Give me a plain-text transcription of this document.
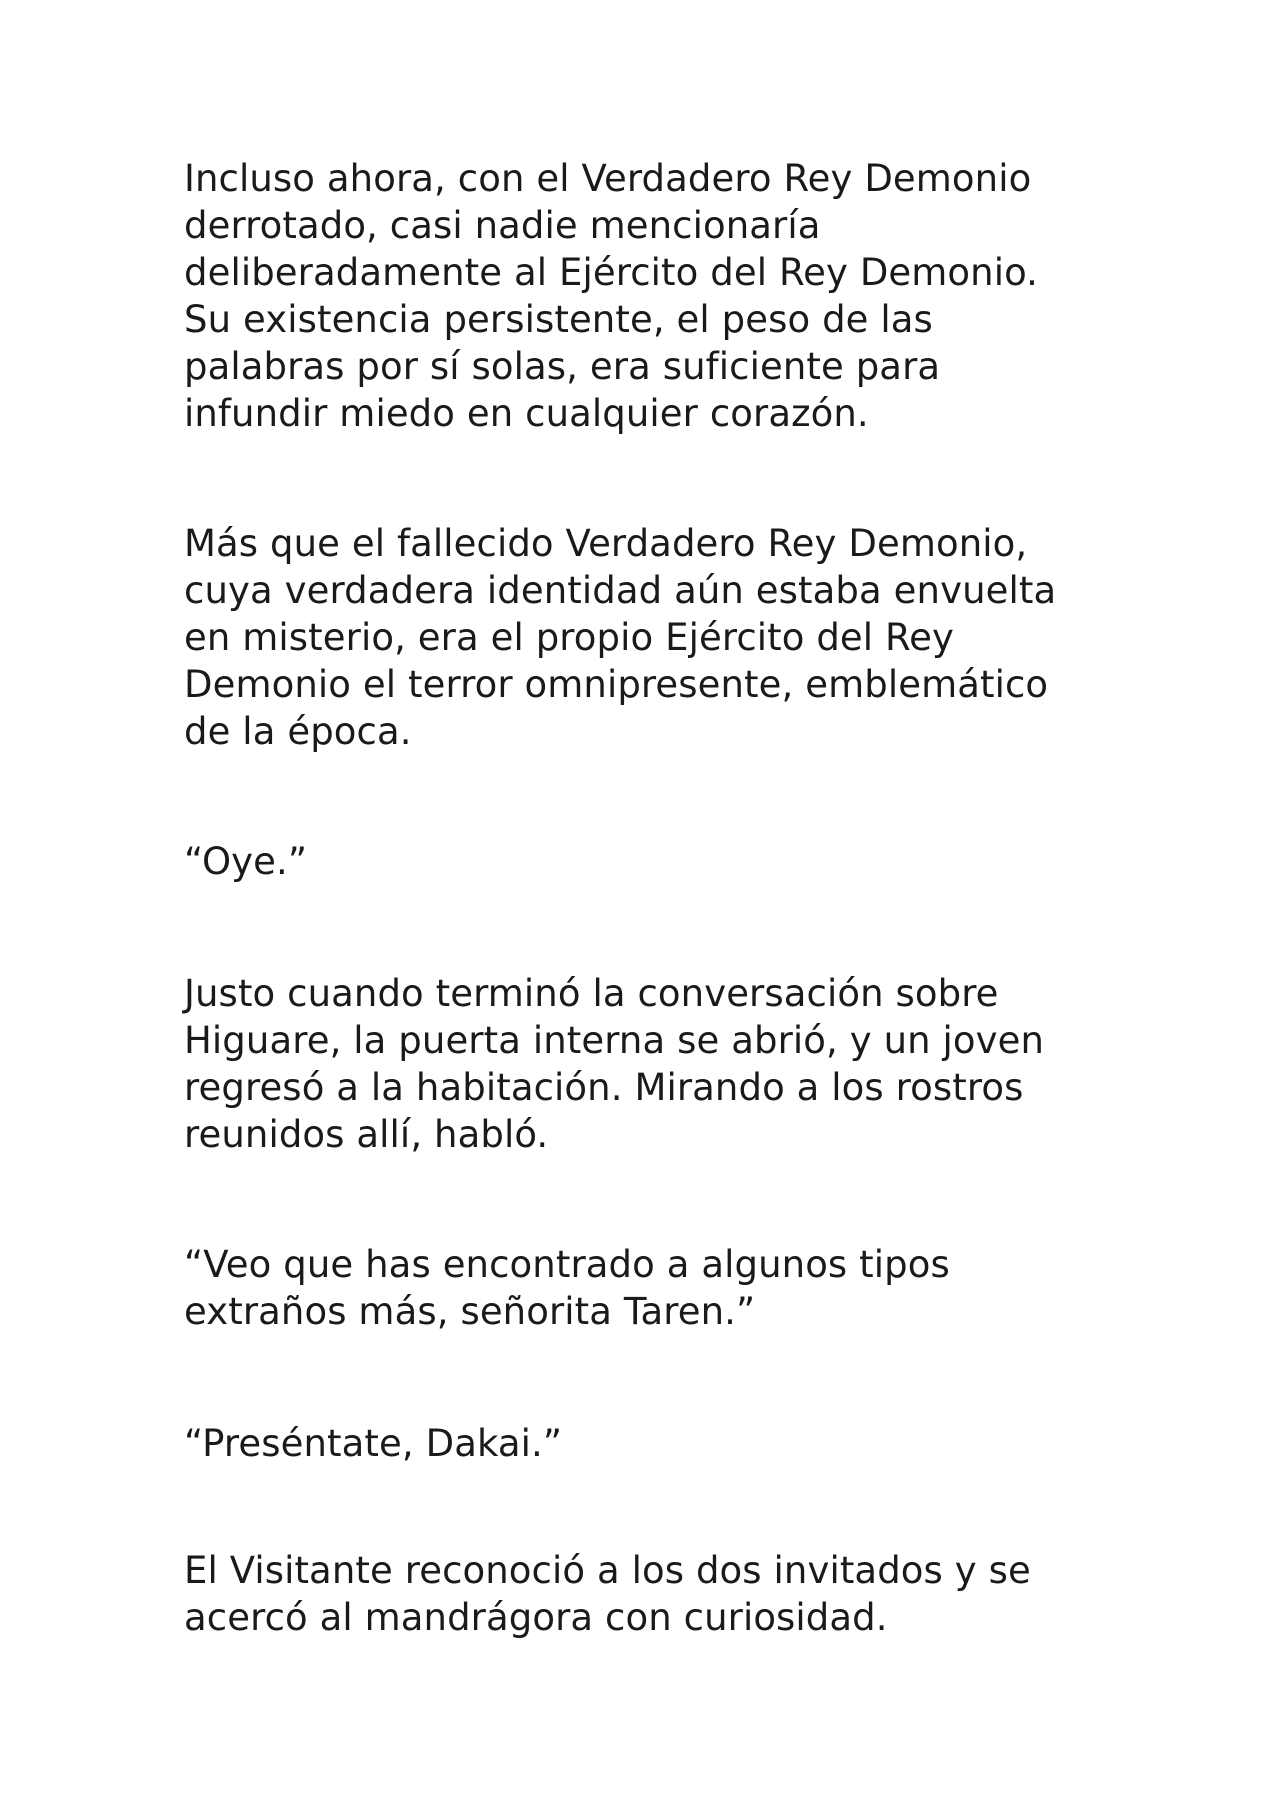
Incluso ahora, con el Verdadero Rey Demonio
derrotado, casi nadie mencionaría
deliberadamente al Ejército del Rey Demonio.
Su existencia persistente, el peso de las
palabras por sí solas, era suficiente para
infundir miedo en cualquier corazón.

Más que el fallecido Verdadero Rey Demonio,
cuya verdadera identidad aún estaba envuelta
en misterio, era el propio Ejército del Rey
Demonio el terror omnipresente, emblemático
de la época.

“Oye.”

Justo cuando terminó la conversación sobre
Higuare, la puerta interna se abrió, y un joven
regresó a la habitación. Mirando a los rostros
reunidos allí, habló.

“Veo que has encontrado a algunos tipos
extraños más, señorita Taren.”

“Preséntate, Dakai.”

El Visitante reconoció a los dos invitados y se
acercó al mandrágora con curiosidad.
